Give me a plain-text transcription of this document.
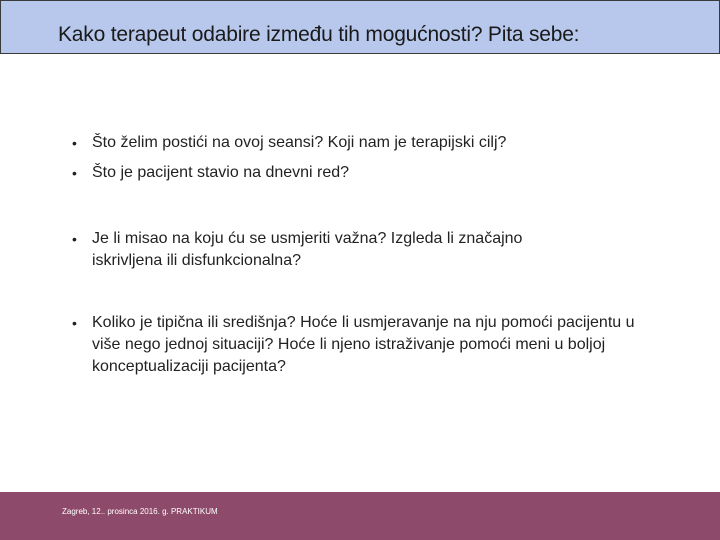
Kako terapeut odabire između tih mogućnosti? Pita sebe:
• Što želim postići na ovoj seansi? Koji nam je terapijski cilj?
• Što je pacijent stavio na dnevni red?
• Je li misao na koju ću se usmjeriti važna? Izgleda li značajno iskrivljena ili disfunkcionalna?
• Koliko je tipična ili središnja? Hoće li usmjeravanje na nju pomoći pacijentu u više nego jednoj situaciji? Hoće li njeno istraživanje pomoći meni u boljoj konceptualizaciji pacijenta?
Zagreb, 12.. prosinca 2016. g. PRAKTIKUM
